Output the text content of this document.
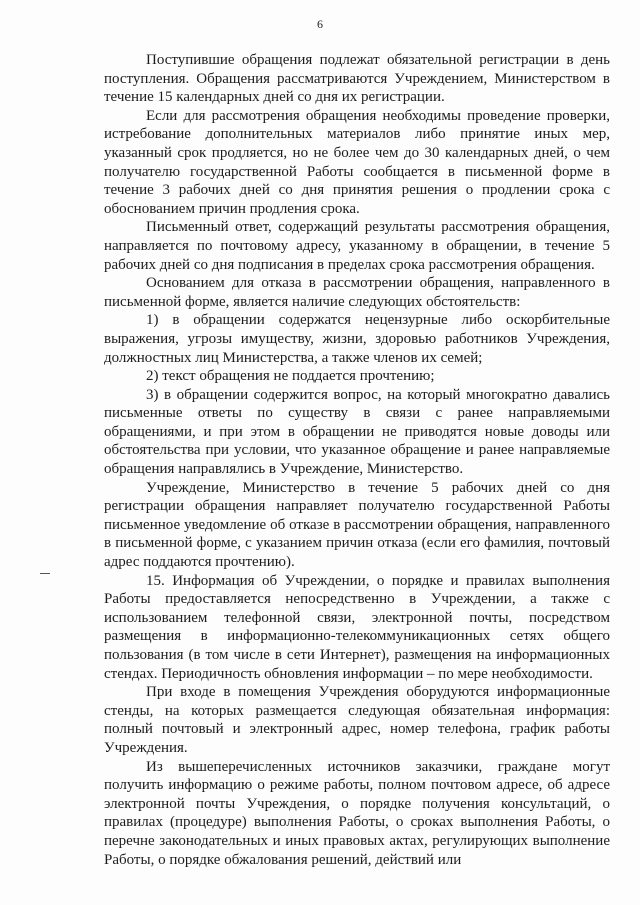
6

Поступившие обращения подлежат обязательной регистрации в день поступления. Обращения рассматриваются Учреждением, Министерством в течение 15 календарных дней со дня их регистрации.

Если для рассмотрения обращения необходимы проведение проверки, истребование дополнительных материалов либо принятие иных мер, указанный срок продляется, но не более чем до 30 календарных дней, о чем получателю государственной Работы сообщается в письменной форме в течение 3 рабочих дней со дня принятия решения о продлении срока с обоснованием причин продления срока.

Письменный ответ, содержащий результаты рассмотрения обращения, направляется по почтовому адресу, указанному в обращении, в течение 5 рабочих дней со дня подписания в пределах срока рассмотрения обращения.

Основанием для отказа в рассмотрении обращения, направленного в письменной форме, является наличие следующих обстоятельств:

1) в обращении содержатся нецензурные либо оскорбительные выражения, угрозы имуществу, жизни, здоровью работников Учреждения, должностных лиц Министерства, а также членов их семей;

2) текст обращения не поддается прочтению;

3) в обращении содержится вопрос, на который многократно давались письменные ответы по существу в связи с ранее направляемыми обращениями, и при этом в обращении не приводятся новые доводы или обстоятельства при условии, что указанное обращение и ранее направляемые обращения направлялись в Учреждение, Министерство.

Учреждение, Министерство в течение 5 рабочих дней со дня регистрации обращения направляет получателю государственной Работы письменное уведомление об отказе в рассмотрении обращения, направленного в письменной форме, с указанием причин отказа (если его фамилия, почтовый адрес поддаются прочтению).

15. Информация об Учреждении, о порядке и правилах выполнения Работы предоставляется непосредственно в Учреждении, а также с использованием телефонной связи, электронной почты, посредством размещения в информационно-телекоммуникационных сетях общего пользования (в том числе в сети Интернет), размещения на информационных стендах. Периодичность обновления информации – по мере необходимости.

При входе в помещения Учреждения оборудуются информационные стенды, на которых размещается следующая обязательная информация: полный почтовый и электронный адрес, номер телефона, график работы Учреждения.

Из вышеперечисленных источников заказчики, граждане могут получить информацию о режиме работы, полном почтовом адресе, об адресе электронной почты Учреждения, о порядке получения консультаций, о правилах (процедуре) выполнения Работы, о сроках выполнения Работы, о перечне законодательных и иных правовых актах, регулирующих выполнение Работы, о порядке обжалования решений, действий или
